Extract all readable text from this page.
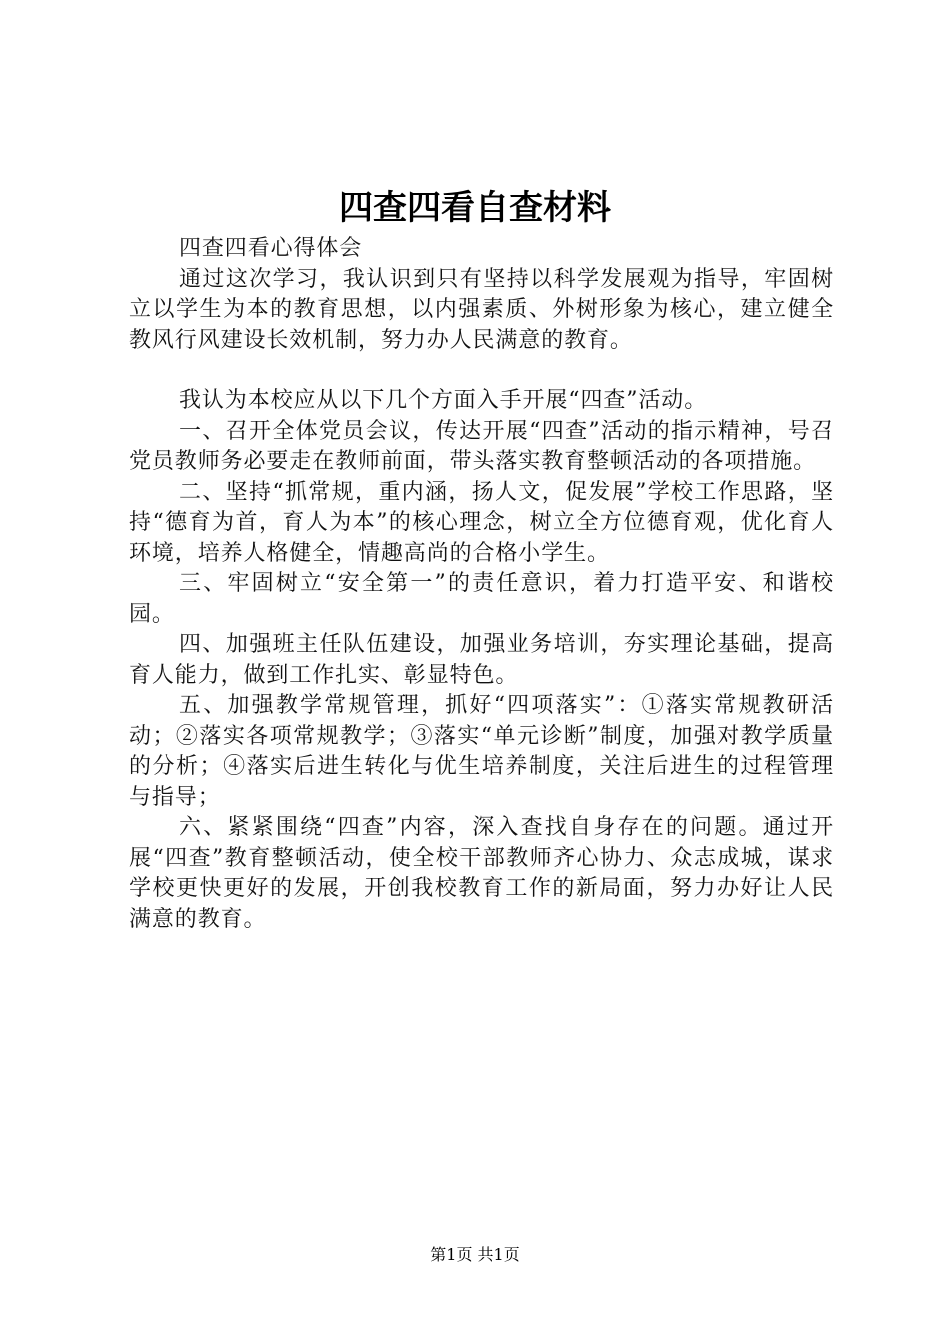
四查四看自查材料

四查四看心得体会

通过这次学习，我认识到只有坚持以科学发展观为指导，牢固树立以学生为本的教育思想，以内强素质、外树形象为核心，建立健全教风行风建设长效机制，努力办人民满意的教育。

我认为本校应从以下几个方面入手开展“四查”活动。

一、召开全体党员会议，传达开展“四查”活动的指示精神，号召党员教师务必要走在教师前面，带头落实教育整顿活动的各项措施。

二、坚持“抓常规，重内涵，扬人文，促发展”学校工作思路，坚持“德育为首，育人为本”的核心理念，树立全方位德育观，优化育人环境，培养人格健全，情趣高尚的合格小学生。

三、牢固树立“安全第一”的责任意识，着力打造平安、和谐校园。

四、加强班主任队伍建设，加强业务培训，夯实理论基础，提高育人能力，做到工作扎实、彰显特色。

五、加强教学常规管理，抓好“四项落实”：①落实常规教研活动；②落实各项常规教学；③落实“单元诊断”制度，加强对教学质量的分析；④落实后进生转化与优生培养制度，关注后进生的过程管理与指导；

六、紧紧围绕“四查”内容，深入查找自身存在的问题。通过开展“四查”教育整顿活动，使全校干部教师齐心协力、众志成城，谋求学校更快更好的发展，开创我校教育工作的新局面，努力办好让人民满意的教育。

第1页 共1页
